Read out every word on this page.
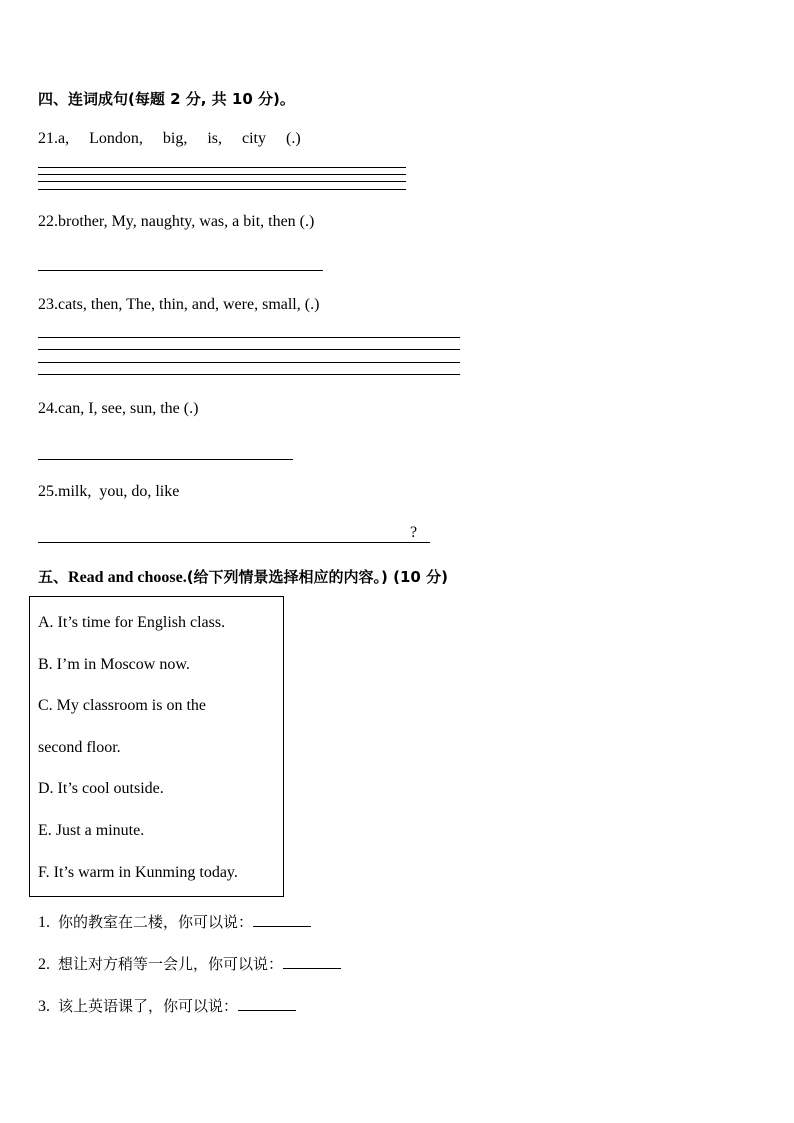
四、连词成句(每题 2 分, 共 10 分)。
21.a,     London,     big,     is,     city     (.)
22.brother, My, naughty, was, a bit, then (.)
23.cats, then, The, thin, and, were, small, (.)
24.can, I, see, sun, the (.)
25.milk,  you, do, like
?
五、Read and choose.(给下列情景选择相应的内容。) (10 分)
A. It’s time for English class.
B. I’m in Moscow now.
C. My classroom is on the
second floor.
D. It’s cool outside.
E. Just a minute.
F. It’s warm in Kunming today.
1. 你的教室在二楼，你可以说：
2. 想让对方稍等一会儿，你可以说：
3. 该上英语课了，你可以说：
